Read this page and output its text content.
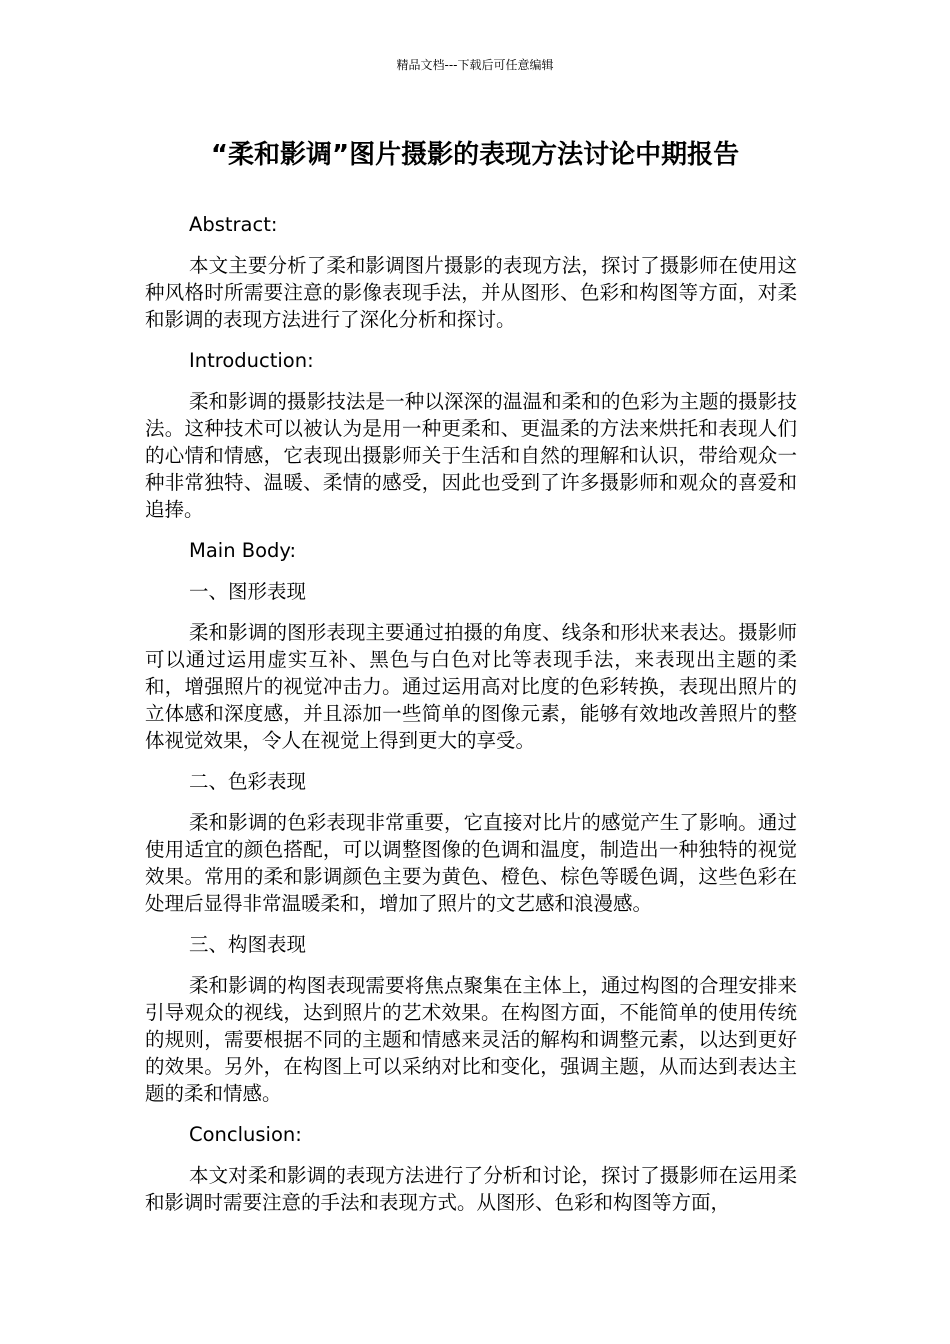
精品文档---下载后可任意编辑
“柔和影调”图片摄影的表现方法讨论中期报告

Abstract:

本文主要分析了柔和影调图片摄影的表现方法，探讨了摄影师在使用这种风格时所需要注意的影像表现手法，并从图形、色彩和构图等方面，对柔和影调的表现方法进行了深化分析和探讨。

Introduction:

柔和影调的摄影技法是一种以深深的温温和柔和的色彩为主题的摄影技法。这种技术可以被认为是用一种更柔和、更温柔的方法来烘托和表现人们的心情和情感，它表现出摄影师关于生活和自然的理解和认识，带给观众一种非常独特、温暖、柔情的感受，因此也受到了许多摄影师和观众的喜爱和追捧。

Main Body:

一、图形表现

柔和影调的图形表现主要通过拍摄的角度、线条和形状来表达。摄影师可以通过运用虚实互补、黑色与白色对比等表现手法，来表现出主题的柔和，增强照片的视觉冲击力。通过运用高对比度的色彩转换，表现出照片的立体感和深度感，并且添加一些简单的图像元素，能够有效地改善照片的整体视觉效果，令人在视觉上得到更大的享受。

二、色彩表现

柔和影调的色彩表现非常重要，它直接对比片的感觉产生了影响。通过使用适宜的颜色搭配，可以调整图像的色调和温度，制造出一种独特的视觉效果。常用的柔和影调颜色主要为黄色、橙色、棕色等暖色调，这些色彩在处理后显得非常温暖柔和，增加了照片的文艺感和浪漫感。

三、构图表现

柔和影调的构图表现需要将焦点聚集在主体上，通过构图的合理安排来引导观众的视线，达到照片的艺术效果。在构图方面，不能简单的使用传统的规则，需要根据不同的主题和情感来灵活的解构和调整元素，以达到更好的效果。另外，在构图上可以采纳对比和变化，强调主题，从而达到表达主题的柔和情感。

Conclusion:

本文对柔和影调的表现方法进行了分析和讨论，探讨了摄影师在运用柔和影调时需要注意的手法和表现方式。从图形、色彩和构图等方面，
